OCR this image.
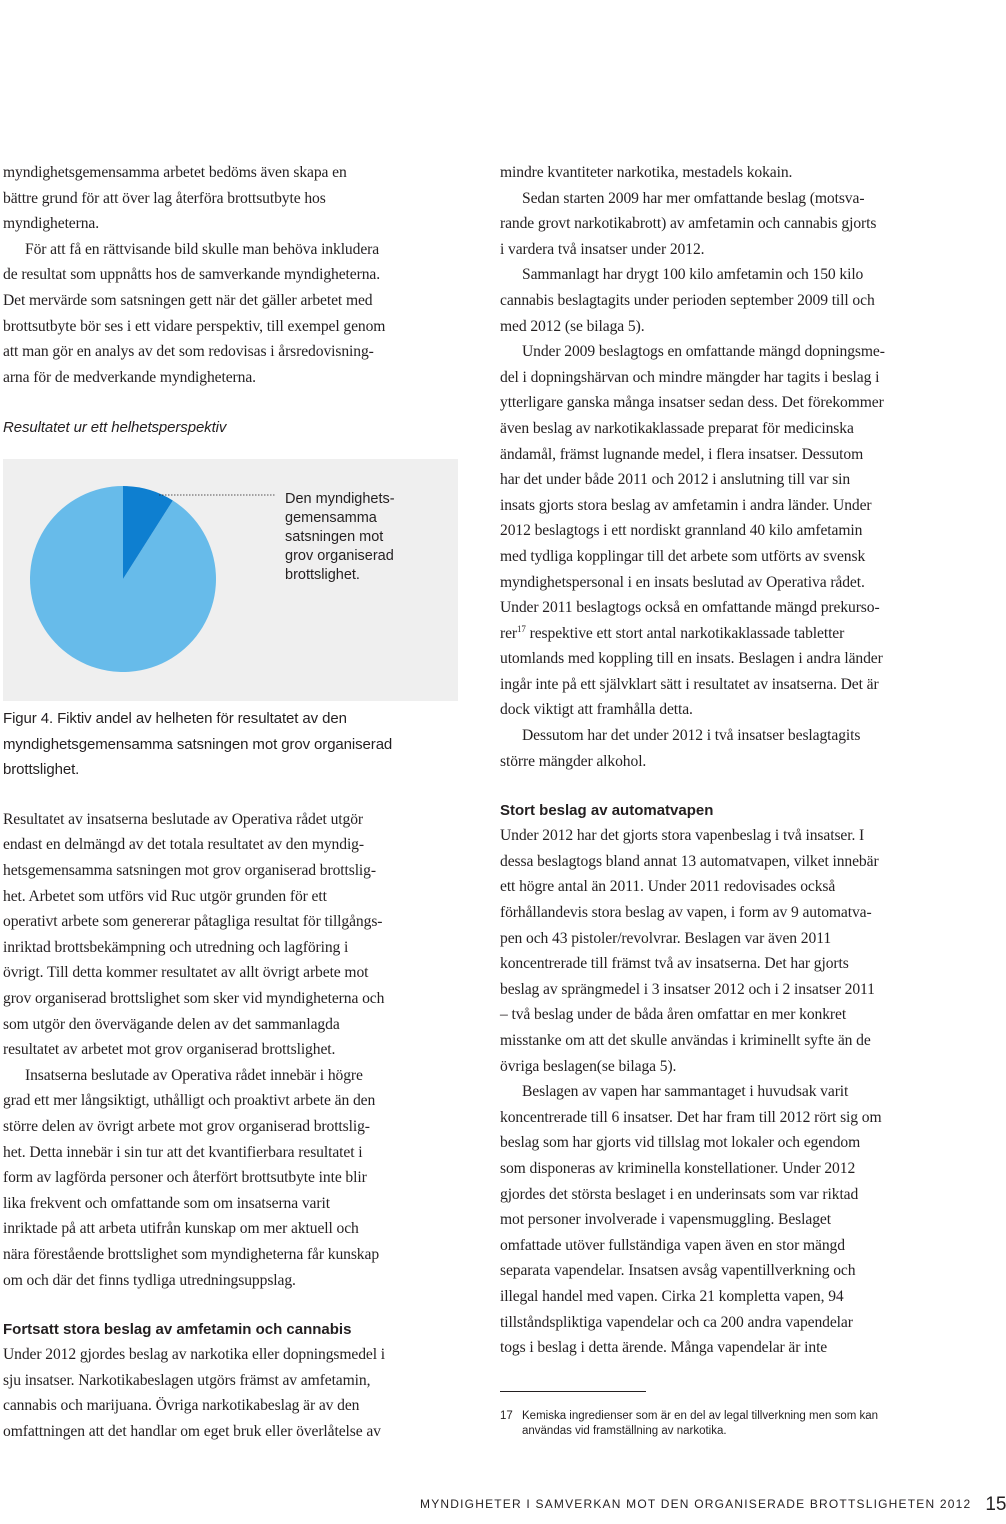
myndighetsgemensamma arbetet bedöms även skapa en

bättre grund för att över lag återföra brottsutbyte hos

myndigheterna.

För att få en rättvisande bild skulle man behöva inkludera

de resultat som uppnåtts hos de samverkande myndigheterna.

Det mervärde som satsningen gett när det gäller arbetet med

brottsutbyte bör ses i ett vidare perspektiv, till exempel genom

att man gör en analys av det som redovisas i årsredovisning-

arna för de medverkande myndigheterna.

Resultatet ur ett helhetsperspektiv

Den myndighets-
gemensamma
satsningen mot
grov organiserad
brottslighet.

Figur 4. Fiktiv andel av helheten för resultatet av den

myndighetsgemensamma satsningen mot grov organiserad

brottslighet.

Resultatet av insatserna beslutade av Operativa rådet utgör

endast en delmängd av det totala resultatet av den myndig-

hetsgemensamma satsningen mot grov organiserad brottslig-

het. Arbetet som utförs vid Ruc utgör grunden för ett

operativt arbete som genererar påtagliga resultat för tillgångs-

inriktad brottsbekämpning och utredning och lagföring i

övrigt. Till detta kommer resultatet av allt övrigt arbete mot

grov organiserad brottslighet som sker vid myndigheterna och

som utgör den övervägande delen av det sammanlagda

resultatet av arbetet mot grov organiserad brottslighet.

Insatserna beslutade av Operativa rådet innebär i högre

grad ett mer långsiktigt, uthålligt och proaktivt arbete än den

större delen av övrigt arbete mot grov organiserad brottslig-

het. Detta innebär i sin tur att det kvantifierbara resultatet i

form av lagförda personer och återfört brottsutbyte inte blir

lika frekvent och omfattande som om insatserna varit

inriktade på att arbeta utifrån kunskap om mer aktuell och

nära förestående brottslighet som myndigheterna får kunskap

om och där det finns tydliga utredningsuppslag.

Fortsatt stora beslag av amfetamin och cannabis

Under 2012 gjordes beslag av narkotika eller dopningsmedel i

sju insatser. Narkotikabeslagen utgörs främst av amfetamin,

cannabis och marijuana. Övriga narkotikabeslag är av den

omfattningen att det handlar om eget bruk eller överlåtelse av

mindre kvantiteter narkotika, mestadels kokain.

Sedan starten 2009 har mer omfattande beslag (motsva-

rande grovt narkotikabrott) av amfetamin och cannabis gjorts

i vardera två insatser under 2012.

Sammanlagt har drygt 100 kilo amfetamin och 150 kilo

cannabis beslagtagits under perioden september 2009 till och

med 2012 (se bilaga 5).

Under 2009 beslagtogs en omfattande mängd dopningsme-

del i dopningshärvan och mindre mängder har tagits i beslag i

ytterligare ganska många insatser sedan dess. Det förekommer

även beslag av narkotikaklassade preparat för medicinska

ändamål, främst lugnande medel, i flera insatser. Dessutom

har det under både 2011 och 2012 i anslutning till var sin

insats gjorts stora beslag av amfetamin i andra länder. Under

2012 beslagtogs i ett nordiskt grannland 40 kilo amfetamin

med tydliga kopplingar till det arbete som utförts av svensk

myndighetspersonal i en insats beslutad av Operativa rådet.

Under 2011 beslagtogs också en omfattande mängd prekurso-

rer$^{17}$ respektive ett stort antal narkotikaklassade tabletter

utomlands med koppling till en insats. Beslagen i andra länder

ingår inte på ett självklart sätt i resultatet av insatserna. Det är

dock viktigt att framhålla detta.

Dessutom har det under 2012 i två insatser beslagtagits

större mängder alkohol.

Stort beslag av automatvapen

Under 2012 har det gjorts stora vapenbeslag i två insatser. I

dessa beslagtogs bland annat 13 automatvapen, vilket innebär

ett högre antal än 2011. Under 2011 redovisades också

förhållandevis stora beslag av vapen, i form av 9 automatva-

pen och 43 pistoler/revolvrar. Beslagen var även 2011

koncentrerade till främst två av insatserna. Det har gjorts

beslag av sprängmedel i 3 insatser 2012 och i 2 insatser 2011

– två beslag under de båda åren omfattar en mer konkret

misstanke om att det skulle användas i kriminellt syfte än de

övriga beslagen(se bilaga 5).

Beslagen av vapen har sammantaget i huvudsak varit

koncentrerade till 6 insatser. Det har fram till 2012 rört sig om

beslag som har gjorts vid tillslag mot lokaler och egendom

som disponeras av kriminella konstellationer. Under 2012

gjordes det största beslaget i en underinsats som var riktad

mot personer involverade i vapensmuggling. Beslaget

omfattade utöver fullständiga vapen även en stor mängd

separata vapendelar. Insatsen avsåg vapentillverkning och

illegal handel med vapen. Cirka 21 kompletta vapen, 94

tillståndspliktiga vapendelar och ca 200 andra vapendelar

togs i beslag i detta ärende. Många vapendelar är inte

17 Kemiska ingredienser som är en del av legal tillverkning men som kan
användas vid framställning av narkotika.
MYNDIGHETER I SAMVERKAN MOT DEN ORGANISERADE BROTTSLIGHETEN 2012 15
